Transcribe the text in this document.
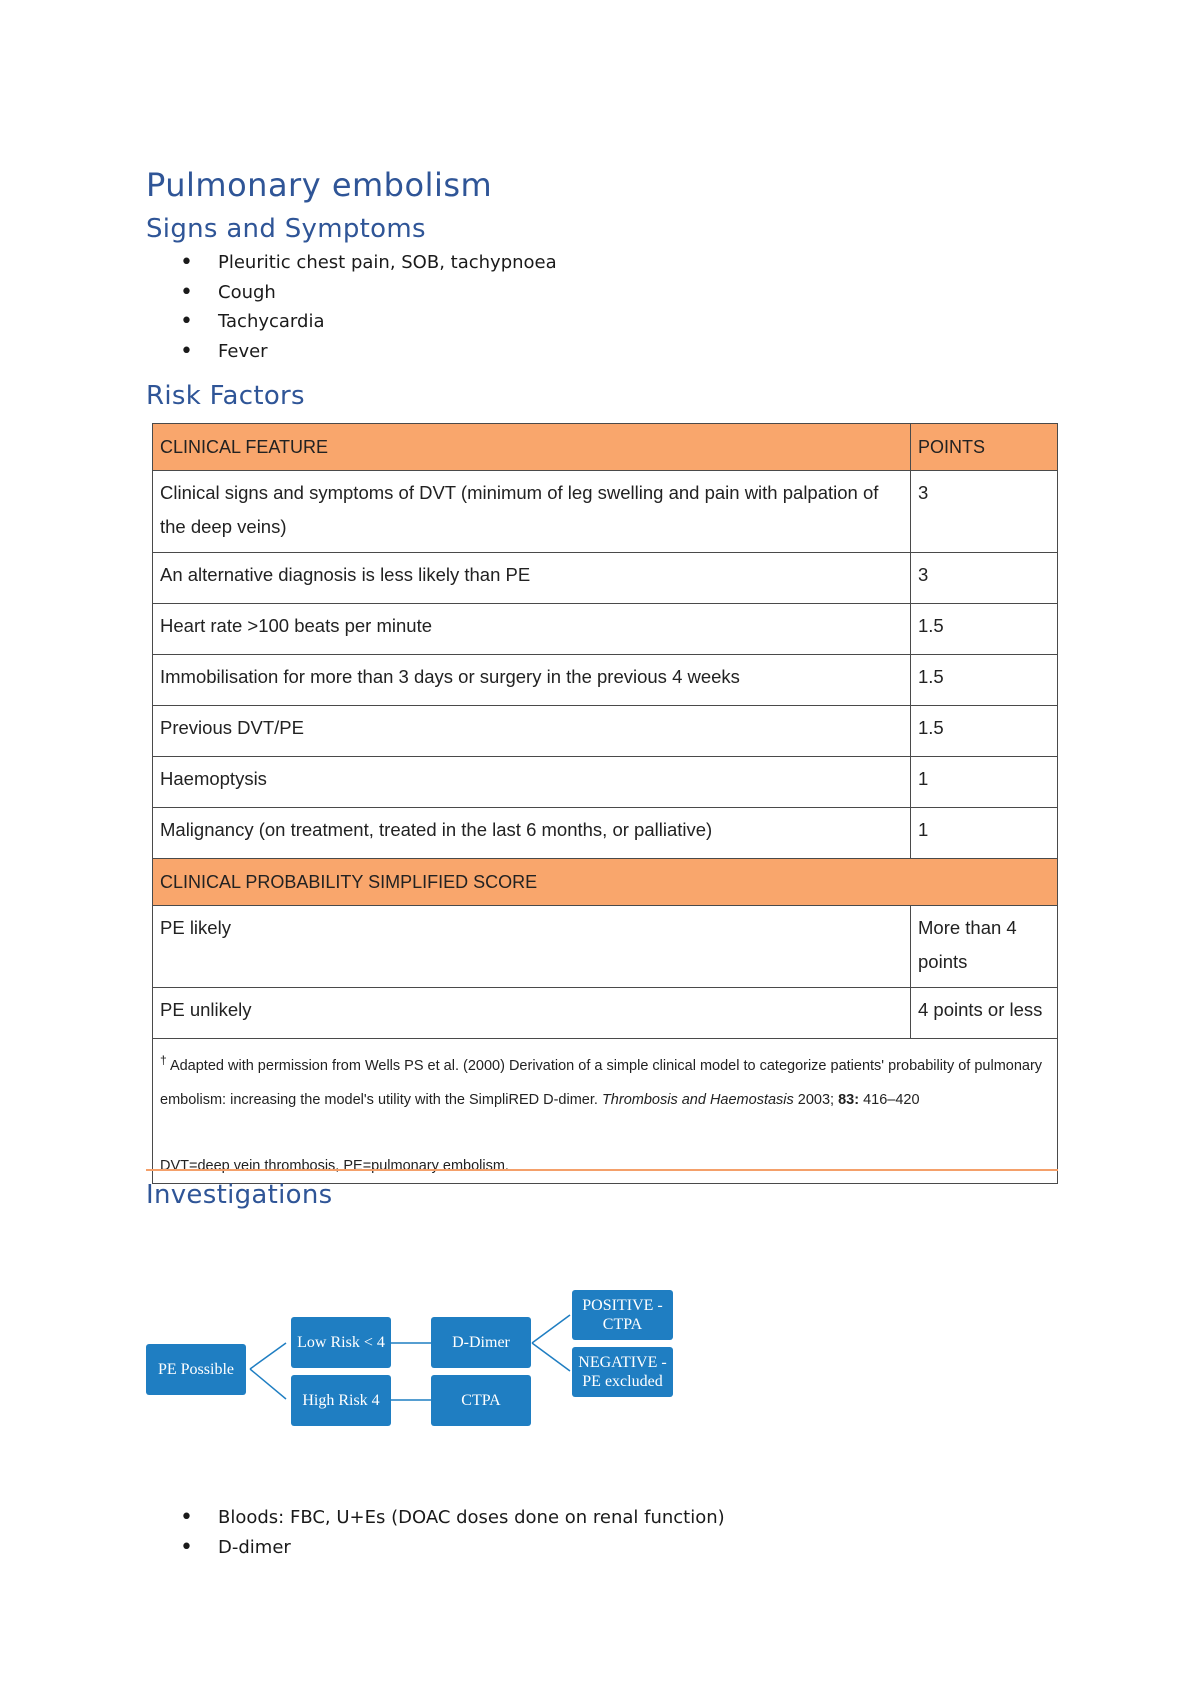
Pulmonary embolism
Signs and Symptoms
• Pleuritic chest pain, SOB, tachypnoea
• Cough
• Tachycardia
• Fever
Risk Factors
CLINICAL FEATURE	POINTS
Clinical signs and symptoms of DVT (minimum of leg swelling and pain with palpation of the deep veins)	3
An alternative diagnosis is less likely than PE	3
Heart rate >100 beats per minute	1.5
Immobilisation for more than 3 days or surgery in the previous 4 weeks	1.5
Previous DVT/PE	1.5
Haemoptysis	1
Malignancy (on treatment, treated in the last 6 months, or palliative)	1
CLINICAL PROBABILITY SIMPLIFIED SCORE	
PE likely	More than 4 points
PE unlikely	4 points or less
† Adapted with permission from Wells PS et al. (2000) Derivation of a simple clinical model to categorize patients' probability of pulmonary embolism: increasing the model's utility with the SimpliRED D-dimer. Thrombosis and Haemostasis 2003; 83: 416–420
DVT=deep vein thrombosis, PE=pulmonary embolism.	
Investigations
PE Possible
Low Risk < 4
High Risk 4
D-Dimer
CTPA
POSITIVE - CTPA
NEGATIVE - PE excluded
• Bloods: FBC, U+Es (DOAC doses done on renal function)
• D-dimer
